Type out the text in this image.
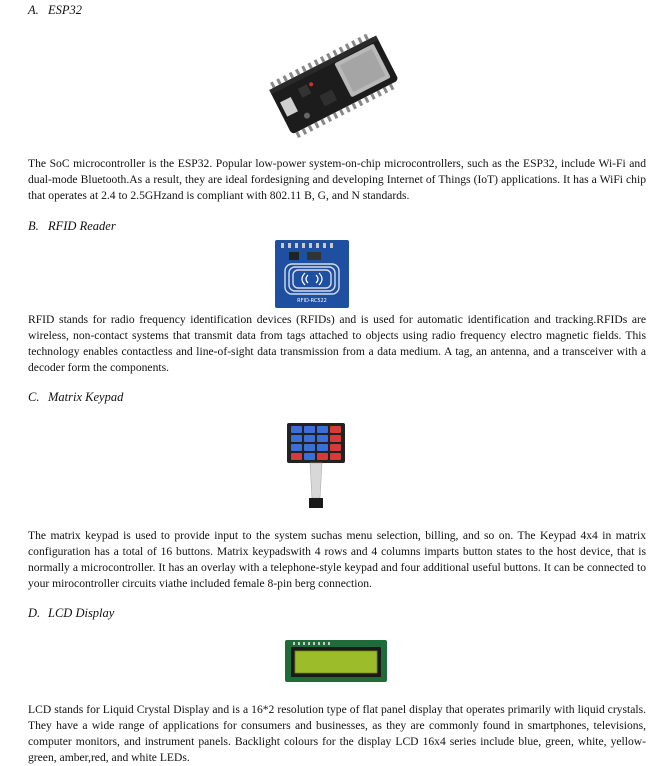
A. ESP32
The SoC microcontroller is the ESP32. Popular low-power system-on-chip microcontrollers, such as the ESP32, include Wi-Fi and dual-mode Bluetooth.As a result, they are ideal fordesigning and developing Internet of Things (IoT) applications. It has a WiFi chip that operates at 2.4 to 2.5GHzand is compliant with 802.11 B, G, and N standards.
B. RFID Reader
RFID-RC522
RFID stands for radio frequency identification devices (RFIDs) and is used for automatic identification and tracking.RFIDs are wireless, non-contact systems that transmit data from tags attached to objects using radio frequency electro magnetic fields. This technology enables contactless and line-of-sight data transmission from a data medium. A tag, an antenna, and a transceiver with a decoder form the components.
C. Matrix Keypad
The matrix keypad is used to provide input to the system suchas menu selection, billing, and so on. The Keypad 4x4 in matrix configuration has a total of 16 buttons. Matrix keypadswith 4 rows and 4 columns imparts button states to the host device, that is normally a microcontroller. It has an overlay with a telephone-style keypad and four additional useful buttons. It can be connected to your mirocontroller circuits viathe included female 8-pin berg connection.
D. LCD Display
LCD stands for Liquid Crystal Display and is a 16*2 resolution type of flat panel display that operates primarily with liquid crystals. They have a wide range of applications for consumers and businesses, as they are commonly found in smartphones, televisions, computer monitors, and instrument panels. Backlight colours for the display LCD 16x4 series include blue, green, white, yellow-green, amber,red, and white LEDs.
